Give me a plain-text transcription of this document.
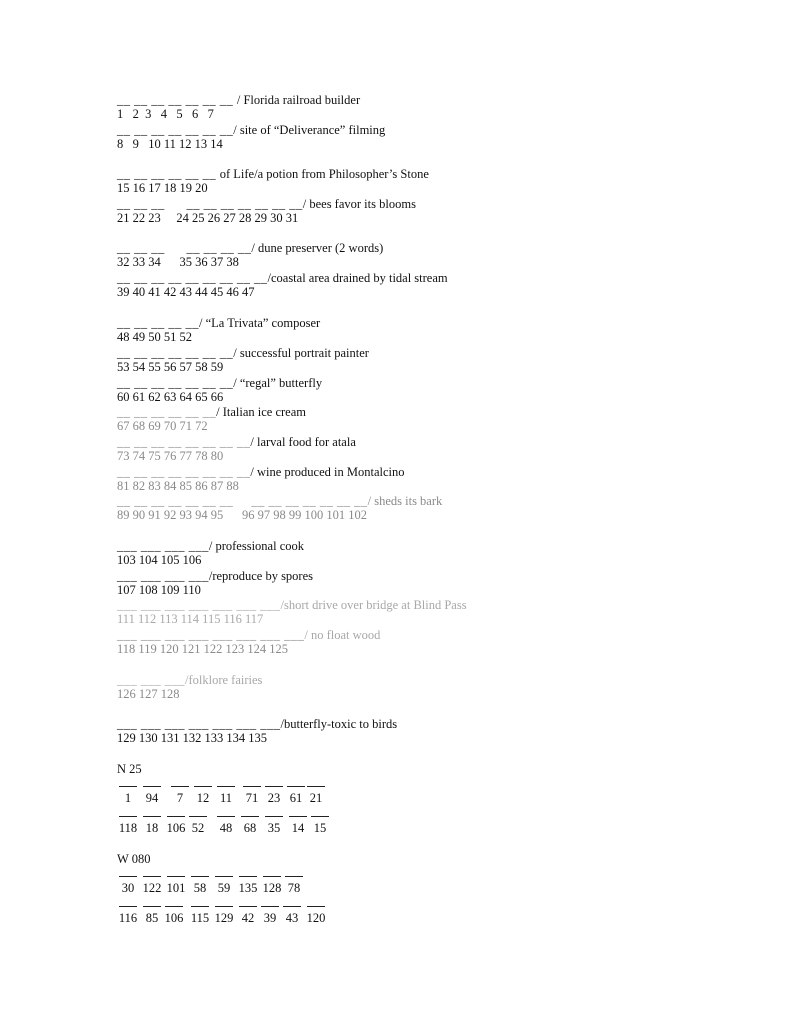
__ __ __ __ __ __ __ / Florida railroad builder
1   2  3   4   5   6   7
__ __ __ __ __ __ __/ site of “Deliverance” filming
8   9   10 11 12 13 14
__ __ __ __ __ __ of Life/a potion from Philosopher’s Stone
15 16 17 18 19 20
__ __ __      __ __ __ __ __ __ __/ bees favor its blooms
21 22 23     24 25 26 27 28 29 30 31
__ __ __      __ __ __ __/ dune preserver (2 words)
32 33 34      35 36 37 38
__ __ __ __ __ __ __ __ __/coastal area drained by tidal stream
39 40 41 42 43 44 45 46 47
__ __ __ __ __/ “La Trivata” composer
48 49 50 51 52
__ __ __ __ __ __ __/ successful portrait painter
53 54 55 56 57 58 59
__ __ __ __ __ __ __/ “regal” butterfly
60 61 62 63 64 65 66
__ __ __ __ __ __/ Italian ice cream
67 68 69 70 71 72
__ __ __ __ __ __ __ __/ larval food for atala
73 74 75 76 77 78 80
__ __ __ __ __ __ __ __/ wine produced in Montalcino
81 82 83 84 85 86 87 88
__ __ __ __ __ __ __     __ __ __ __ __ __ __/ sheds its bark
89 90 91 92 93 94 95      96 97 98 99 100 101 102
___ ___ ___ ___/ professional cook
103 104 105 106
___ ___ ___ ___/reproduce by spores
107 108 109 110
___ ___ ___ ___ ___ ___ ___/short drive over bridge at Blind Pass
111 112 113 114 115 116 117
___ ___ ___ ___ ___ ___ ___ ___/ no float wood
118 119 120 121 122 123 124 125
___ ___ ___/folklore fairies
126 127 128
___ ___ ___ ___ ___ ___ ___/butterfly-toxic to birds
129 130 131 132 133 134 135
N 25
1	94	7	12 11	71 23 61 21
118 18 106 52	48 68 35 14 15
W 080
30 122 101 58 59 135 128 78
116 85 106 115 129 42 39 43 120
